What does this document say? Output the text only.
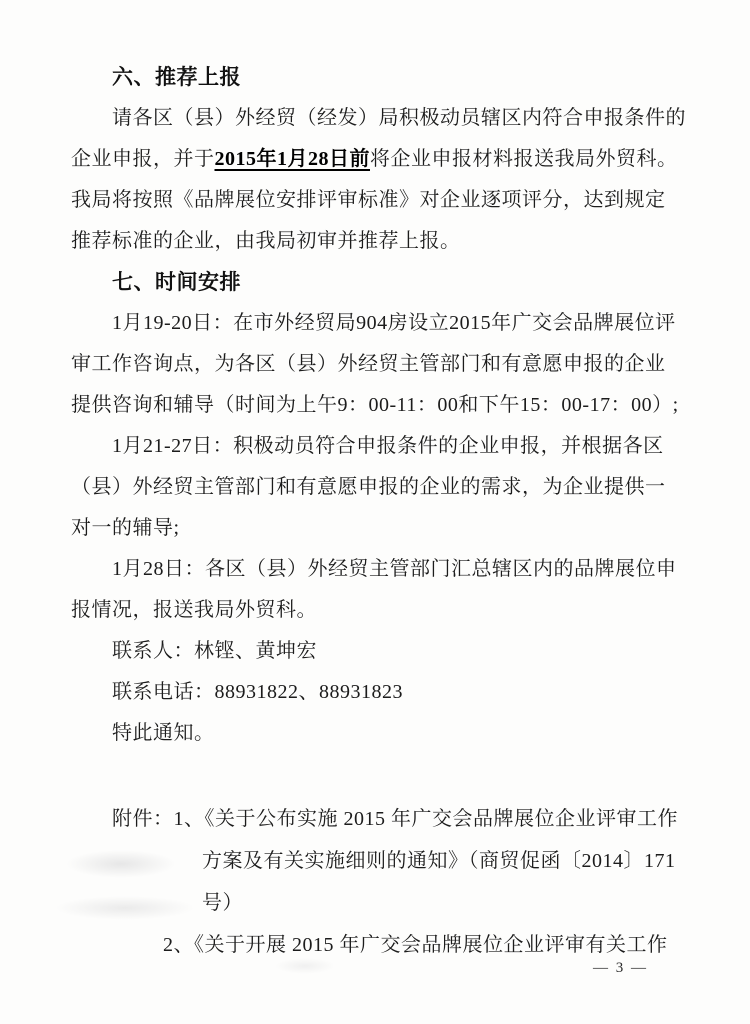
六、推荐上报
请各区（县）外经贸（经发）局积极动员辖区内符合申报条件的
企业申报，并于2015年1月28日前将企业申报材料报送我局外贸科。
我局将按照《品牌展位安排评审标准》对企业逐项评分，达到规定
推荐标准的企业，由我局初审并推荐上报。
七、时间安排
1月19-20日：在市外经贸局904房设立2015年广交会品牌展位评
审工作咨询点，为各区（县）外经贸主管部门和有意愿申报的企业
提供咨询和辅导（时间为上午9：00-11：00和下午15：00-17：00）;
1月21-27日：积极动员符合申报条件的企业申报，并根据各区
（县）外经贸主管部门和有意愿申报的企业的需求，为企业提供一
对一的辅导;
1月28日：各区（县）外经贸主管部门汇总辖区内的品牌展位申
报情况，报送我局外贸科。
联系人：林铿、黄坤宏
联系电话：88931822、88931823
特此通知。
附件：1、《关于公布实施 2015 年广交会品牌展位企业评审工作
方案及有关实施细则的通知》（商贸促函〔2014〕171
号）
2、《关于开展 2015 年广交会品牌展位企业评审有关工作
— 3 —
